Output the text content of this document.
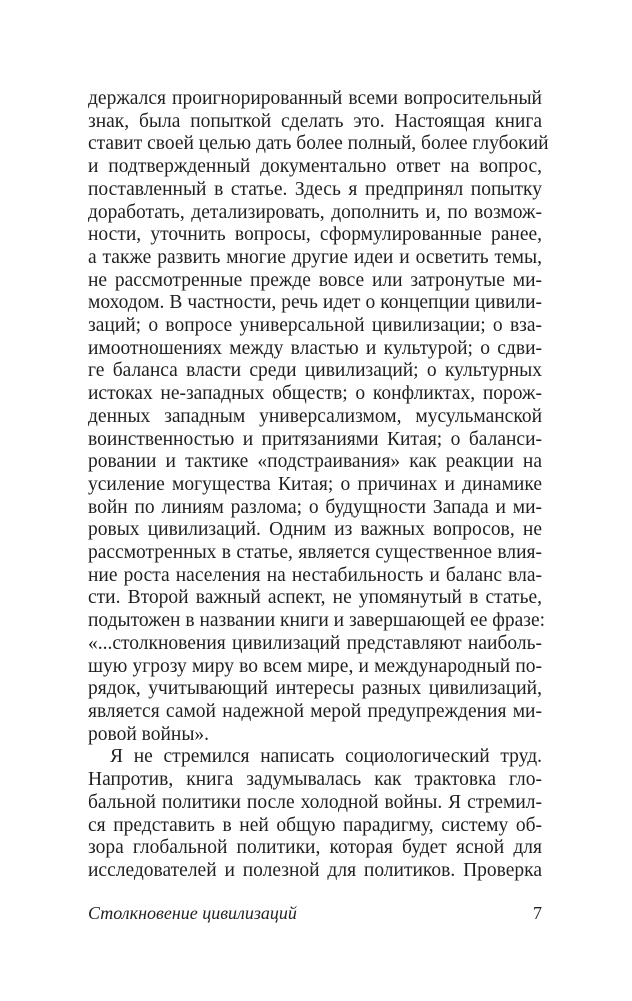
держался проигнорированный всеми вопросительный
знак, была попыткой сделать это. Настоящая книга
ставит своей целью дать более полный, более глубокий
и подтвержденный документально ответ на вопрос,
поставленный в статье. Здесь я предпринял попытку
доработать, детализировать, дополнить и, по возмож-
ности, уточнить вопросы, сформулированные ранее,
а также развить многие другие идеи и осветить темы,
не рассмотренные прежде вовсе или затронутые ми-
моходом. В частности, речь идет о концепции цивили-
заций; о вопросе универсальной цивилизации; о вза-
имоотношениях между властью и культурой; о сдви-
ге баланса власти среди цивилизаций; о культурных
истоках не-западных обществ; о конфликтах, порож-
денных западным универсализмом, мусульманской
воинственностью и притязаниями Китая; о баланси-
ровании и тактике «подстраивания» как реакции на
усиление могущества Китая; о причинах и динамике
войн по линиям разлома; о будущности Запада и ми-
ровых цивилизаций. Одним из важных вопросов, не
рассмотренных в статье, является существенное влия-
ние роста населения на нестабильность и баланс вла-
сти. Второй важный аспект, не упомянутый в статье,
подытожен в названии книги и завершающей ее фразе:
«...столкновения цивилизаций представляют наиболь-
шую угрозу миру во всем мире, и международный по-
рядок, учитывающий интересы разных цивилизаций,
является самой надежной мерой предупреждения ми-
ровой войны».
Я не стремился написать социологический труд.
Напротив, книга задумывалась как трактовка гло-
бальной политики после холодной войны. Я стремил-
ся представить в ней общую парадигму, систему об-
зора глобальной политики, которая будет ясной для
исследователей и полезной для политиков. Проверка
Столкновение цивилизаций	7
